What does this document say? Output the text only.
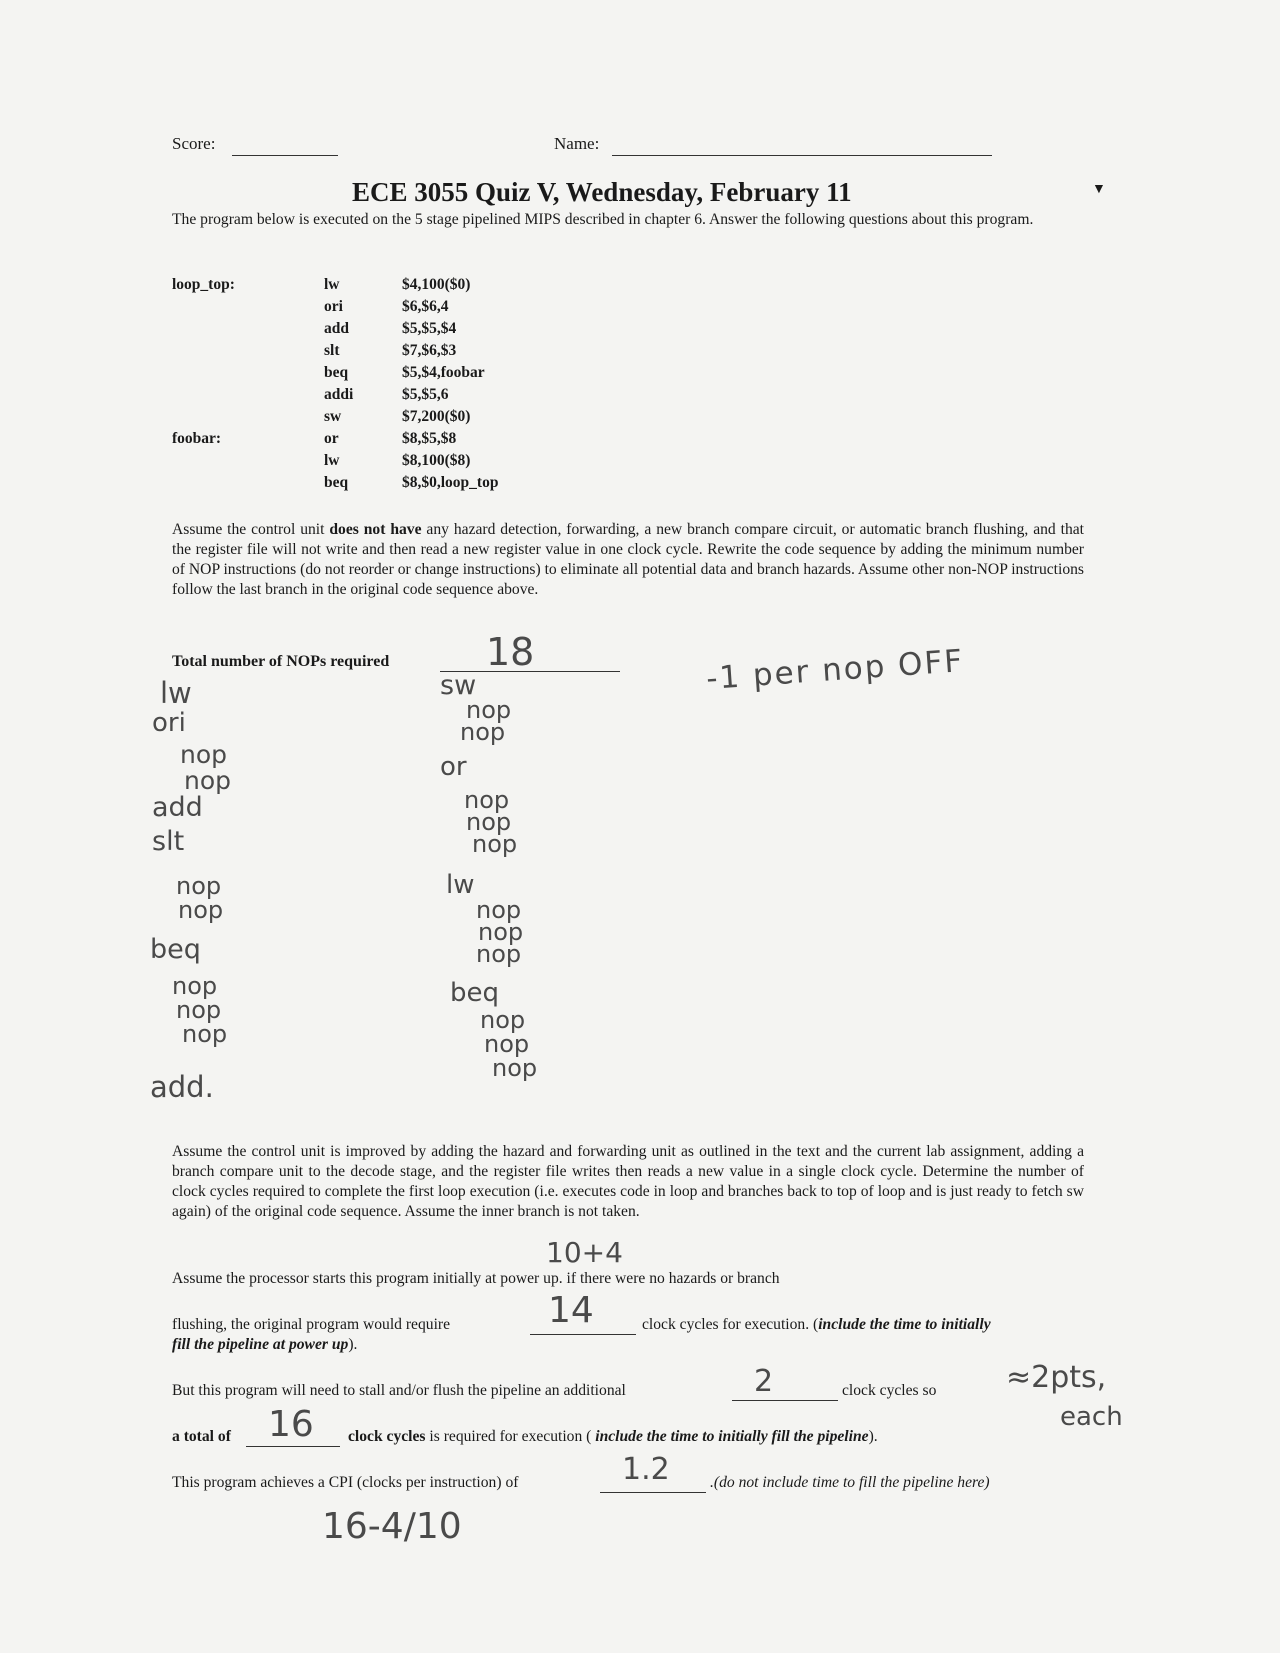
Score:	Name:
ECE 3055 Quiz V, Wednesday, February 11	▼
The program below is executed on the 5 stage pipelined MIPS described in chapter 6. Answer the following questions about this program.
loop_top:	lw	$4,100($0)
ori	$6,$6,4
add	$5,$5,$4
slt	$7,$6,$3
beq	$5,$4,foobar
addi	$5,$5,6
sw	$7,200($0)
foobar:	or	$8,$5,$8
lw	$8,100($8)
beq	$8,$0,loop_top
Assume the control unit does not have any hazard detection, forwarding, a new branch compare circuit, or automatic branch flushing, and that the register file will not write and then read a new register value in one clock cycle. Rewrite the code sequence by adding the minimum number of NOP instructions (do not reorder or change instructions) to eliminate all potential data and branch hazards. Assume other non-NOP instructions follow the last branch in the original code sequence above.
Total number of NOPs required	18	-1 per nop OFF
lw
ori
nop
nop
add
slt
nop
nop
beq
nop
nop
nop
add.
sw
nop
nop
or
nop
nop
nop
lw
nop
nop
nop
beq
nop
nop
nop
Assume the control unit is improved by adding the hazard and forwarding unit as outlined in the text and the current lab assignment, adding a branch compare unit to the decode stage, and the register file writes then reads a new value in a single clock cycle. Determine the number of clock cycles required to complete the first loop execution (i.e. executes code in loop and branches back to top of loop and is just ready to fetch sw again) of the original code sequence. Assume the inner branch is not taken.
10+4
Assume the processor starts this program initially at power up. if there were no hazards or branch
flushing, the original program would require	14	clock cycles for execution. (include the time to initially
fill the pipeline at power up).
But this program will need to stall and/or flush the pipeline an additional	2	clock cycles so ≈2pts,
each
a total of 16 clock cycles is required for execution ( include the time to initially fill the pipeline).
This program achieves a CPI (clocks per instruction) of	1.2	.(do not include time to fill the pipeline here)
16-4/10
